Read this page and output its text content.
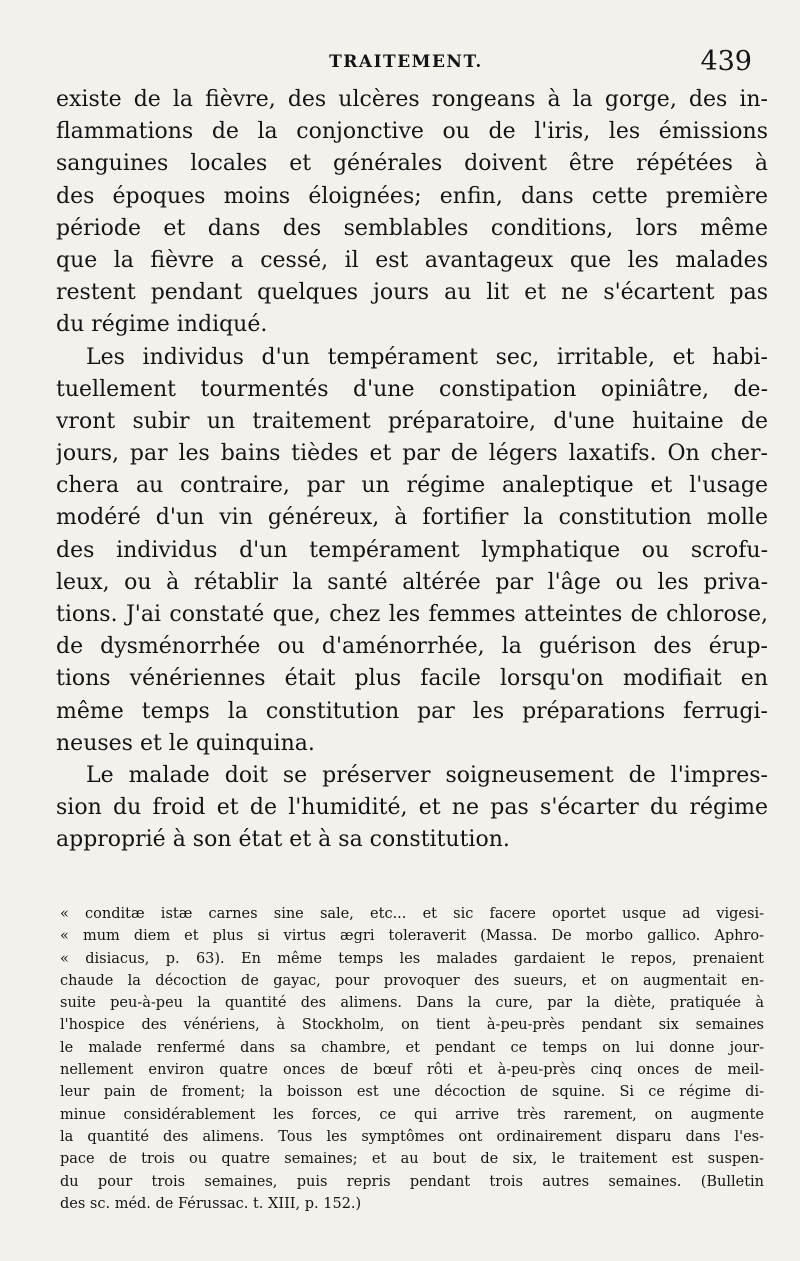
TRAITEMENT.	439
existe de la fièvre, des ulcères rongeans à la gorge, des in-
flammations de la conjonctive ou de l'iris, les émissions
sanguines locales et générales doivent être répétées à
des époques moins éloignées; enfin, dans cette première
période et dans des semblables conditions, lors même
que la fièvre a cessé, il est avantageux que les malades
restent pendant quelques jours au lit et ne s'écartent pas
du régime indiqué.
Les individus d'un tempérament sec, irritable, et habi-
tuellement tourmentés d'une constipation opiniâtre, de-
vront subir un traitement préparatoire, d'une huitaine de
jours, par les bains tièdes et par de légers laxatifs. On cher-
chera au contraire, par un régime analeptique et l'usage
modéré d'un vin généreux, à fortifier la constitution molle
des individus d'un tempérament lymphatique ou scrofu-
leux, ou à rétablir la santé altérée par l'âge ou les priva-
tions. J'ai constaté que, chez les femmes atteintes de chlorose,
de dysménorrhée ou d'aménorrhée, la guérison des érup-
tions vénériennes était plus facile lorsqu'on modifiait en
même temps la constitution par les préparations ferrugi-
neuses et le quinquina.
Le malade doit se préserver soigneusement de l'impres-
sion du froid et de l'humidité, et ne pas s'écarter du régime
approprié à son état et à sa constitution.
« conditæ istæ carnes sine sale, etc... et sic facere oportet usque ad vigesi-
« mum diem et plus si virtus ægri toleraverit (Massa. De morbo gallico. Aphro-
« disiacus, p. 63). En même temps les malades gardaient le repos, prenaient
chaude la décoction de gayac, pour provoquer des sueurs, et on augmentait en-
suite peu-à-peu la quantité des alimens. Dans la cure, par la diète, pratiquée à
l'hospice des vénériens, à Stockholm, on tient à-peu-près pendant six semaines
le malade renfermé dans sa chambre, et pendant ce temps on lui donne jour-
nellement environ quatre onces de bœuf rôti et à-peu-près cinq onces de meil-
leur pain de froment; la boisson est une décoction de squine. Si ce régime di-
minue considérablement les forces, ce qui arrive très rarement, on augmente
la quantité des alimens. Tous les symptômes ont ordinairement disparu dans l'es-
pace de trois ou quatre semaines; et au bout de six, le traitement est suspen-
du pour trois semaines, puis repris pendant trois autres semaines. (Bulletin
des sc. méd. de Férussac. t. XIII, p. 152.)
